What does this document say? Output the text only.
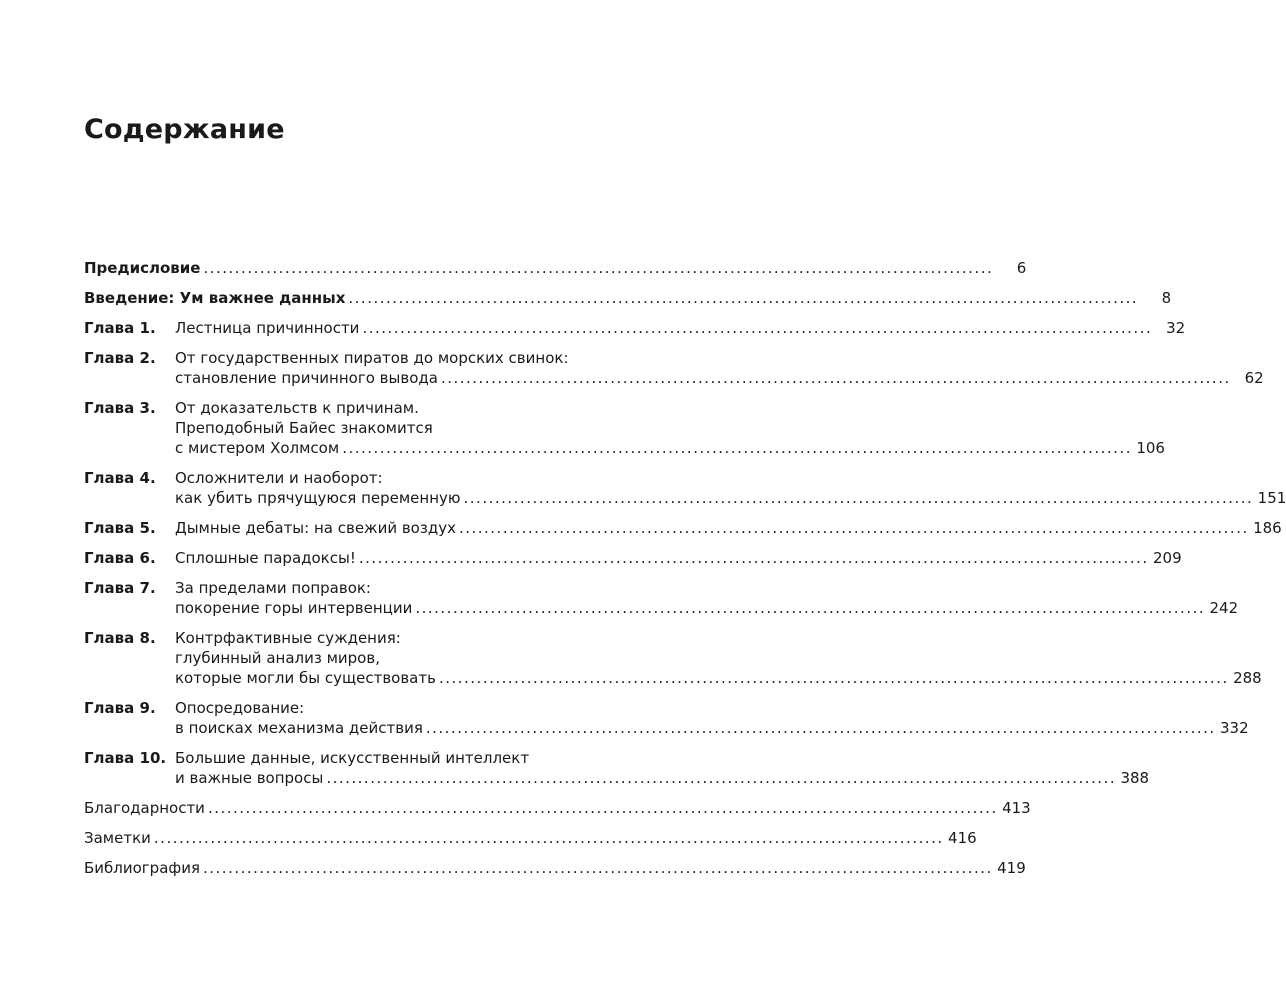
Содержание
Предисловие ..............................................................................................................................	6
Введение: Ум важнее данных ..............................................................................................................................	8
Глава 1.	Лестница причинности .............................................................................................................................. 32
Глава 2.	От государственных пиратов до морских свинок:
становление причинного вывода .............................................................................................................................. 62
Глава 3.	От доказательств к причинам.
Преподобный Байес знакомится
с мистером Холмсом .............................................................................................................................. 106
Глава 4.	Осложнители и наоборот:
как убить прячущуюся переменную .............................................................................................................................. 151
Глава 5.	Дымные дебаты: на свежий воздух .............................................................................................................................. 186
Глава 6.	Сплошные парадоксы! .............................................................................................................................. 209
Глава 7.	За пределами поправок:
покорение горы интервенции .............................................................................................................................. 242
Глава 8.	Контрфактивные суждения:
глубинный анализ миров,
которые могли бы существовать .............................................................................................................................. 288
Глава 9.	Опосредование:
в поисках механизма действия .............................................................................................................................. 332
Глава 10. Большие данные, искусственный интеллект
и важные вопросы .............................................................................................................................. 388
Благодарности .............................................................................................................................. 413
Заметки .............................................................................................................................. 416
Библиография .............................................................................................................................. 419
